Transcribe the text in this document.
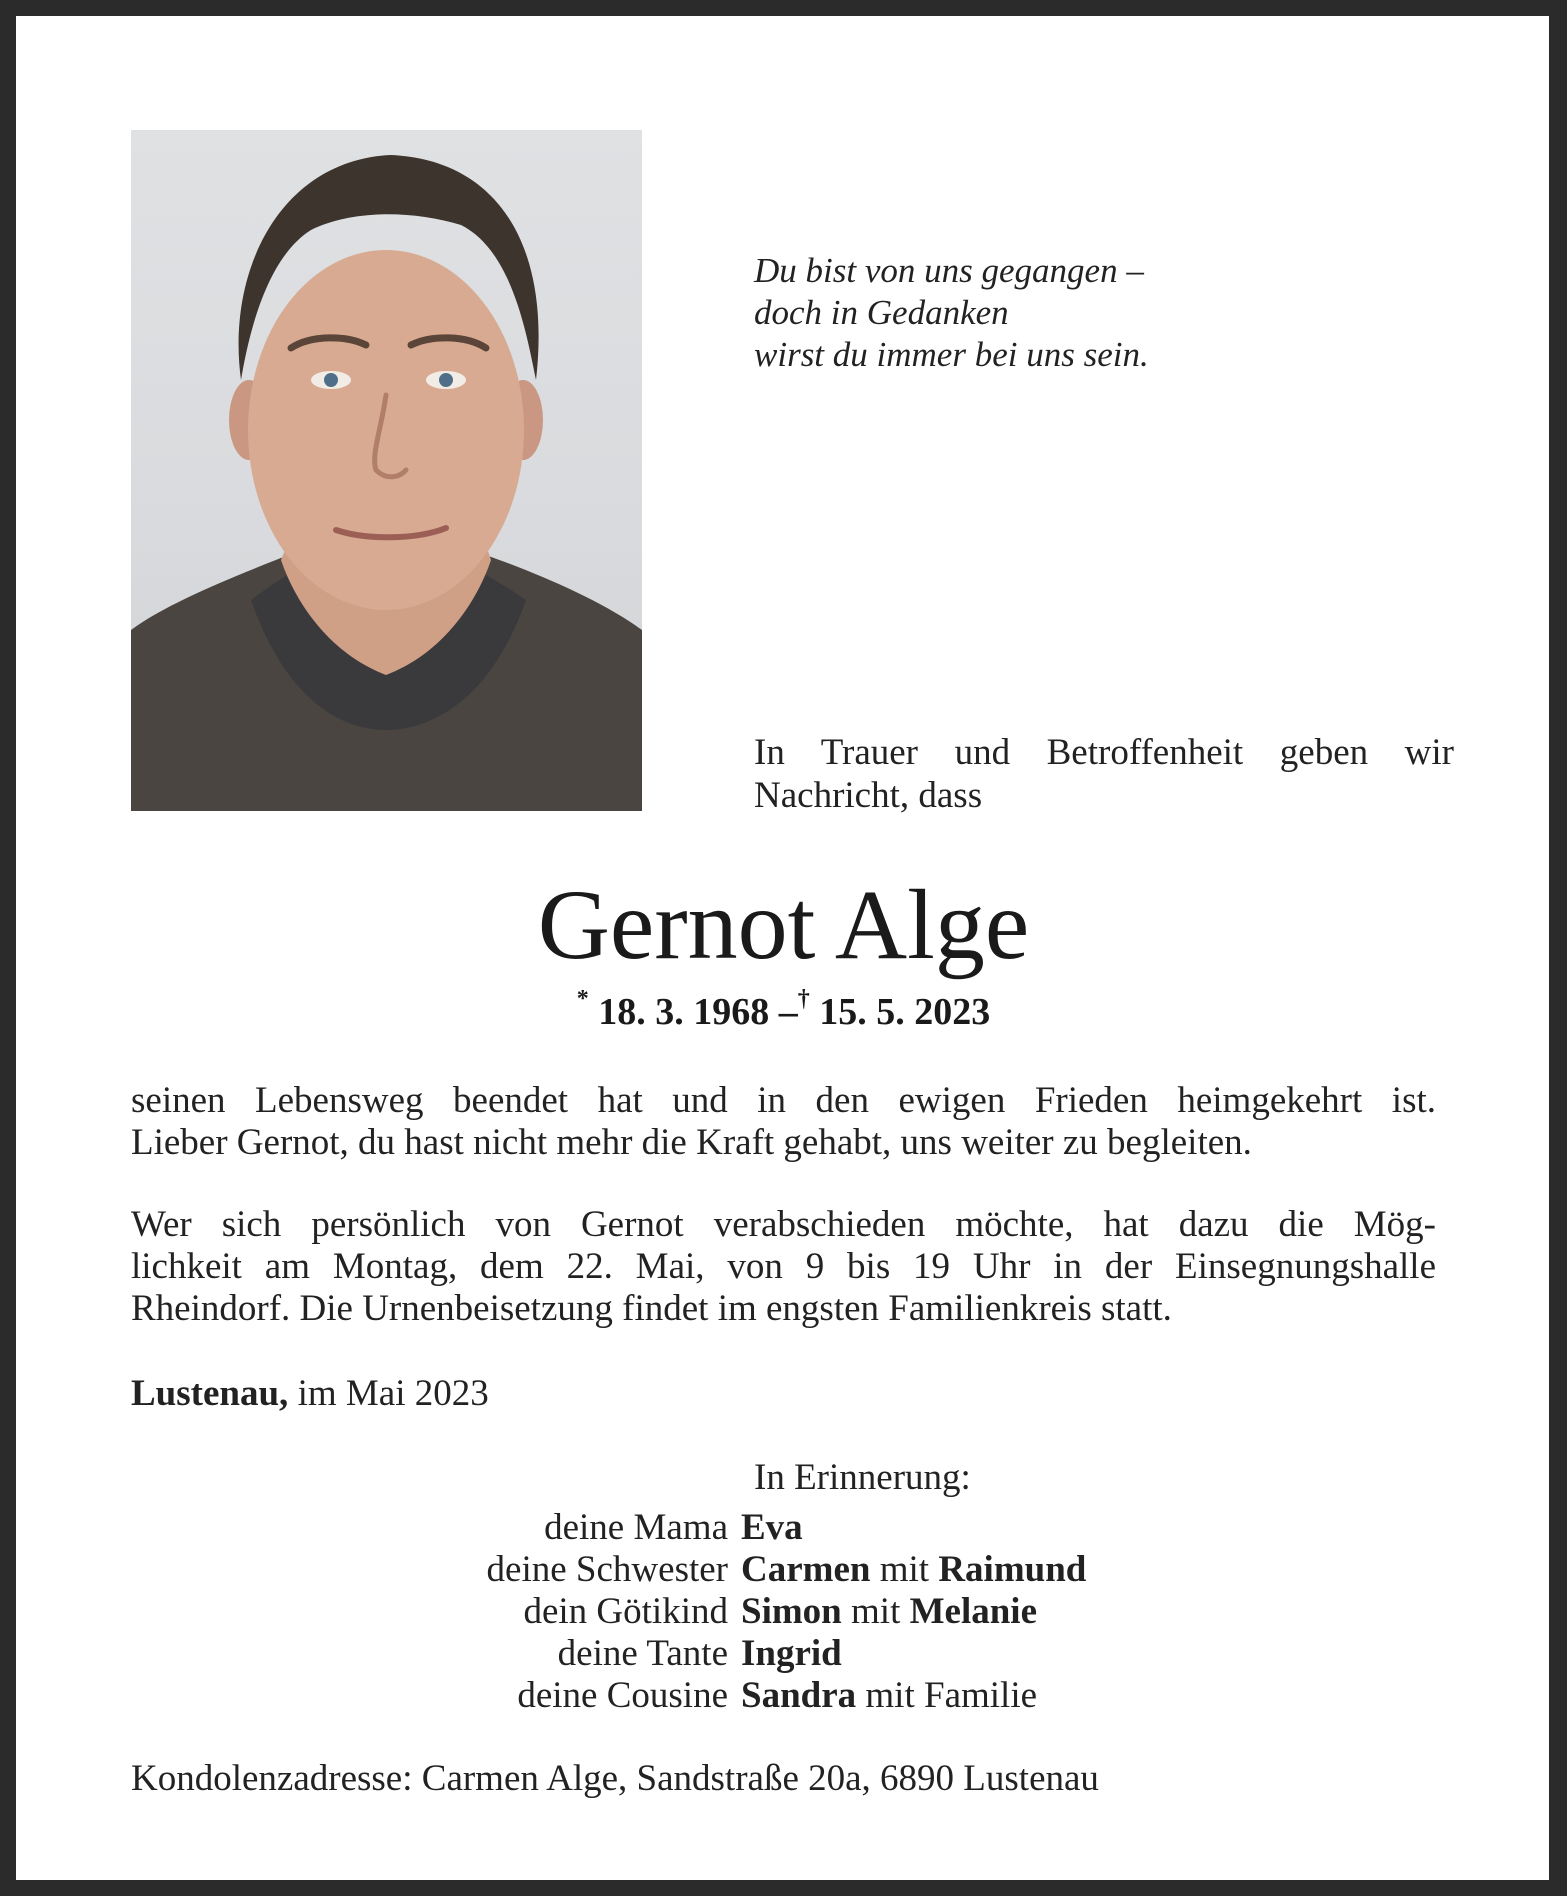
Du bist von uns gegangen –
doch in Gedanken
wirst du immer bei uns sein.
In Trauer und Betroffenheit geben wir
Nachricht, dass
Gernot Alge
* 18. 3. 1968 –† 15. 5. 2023
seinen Lebensweg beendet hat und in den ewigen Frieden heimgekehrt ist.
Lieber Gernot, du hast nicht mehr die Kraft gehabt, uns weiter zu begleiten.
Wer sich persönlich von Gernot verabschieden möchte, hat dazu die Mög-
lichkeit am Montag, dem 22. Mai, von 9 bis 19 Uhr in der Einsegnungshalle
Rheindorf. Die Urnenbeisetzung findet im engsten Familienkreis statt.
Lustenau, im Mai 2023
In Erinnerung:
deine Mama Eva
deine Schwester Carmen mit Raimund
dein Götikind Simon mit Melanie
deine Tante Ingrid
deine Cousine Sandra mit Familie
Kondolenzadresse: Carmen Alge, Sandstraße 20a, 6890 Lustenau
